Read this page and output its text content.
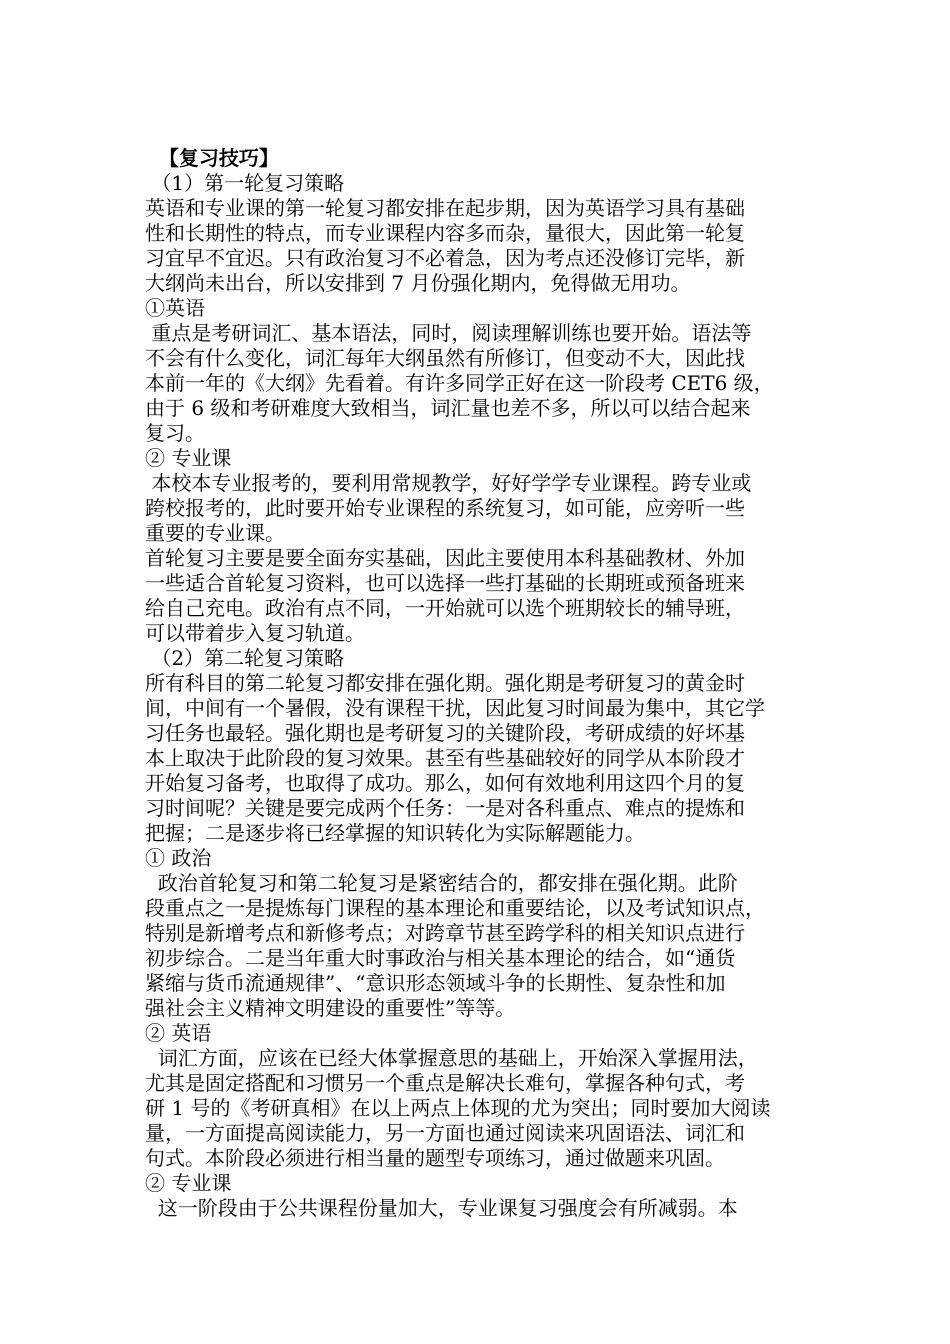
【复习技巧】
（1）第一轮复习策略
英语和专业课的第一轮复习都安排在起步期，因为英语学习具有基础
性和长期性的特点，而专业课程内容多而杂，量很大，因此第一轮复
习宜早不宜迟。只有政治复习不必着急，因为考点还没修订完毕，新
大纲尚未出台，所以安排到 7 月份强化期内，免得做无用功。
①英语
重点是考研词汇、基本语法，同时，阅读理解训练也要开始。语法等
不会有什么变化，词汇每年大纲虽然有所修订，但变动不大，因此找
本前一年的《大纲》先看着。有许多同学正好在这一阶段考 CET6 级，
由于 6 级和考研难度大致相当，词汇量也差不多，所以可以结合起来
复习。
② 专业课
本校本专业报考的，要利用常规教学，好好学学专业课程。跨专业或
跨校报考的，此时要开始专业课程的系统复习，如可能，应旁听一些
重要的专业课。
首轮复习主要是要全面夯实基础，因此主要使用本科基础教材、外加
一些适合首轮复习资料，也可以选择一些打基础的长期班或预备班来
给自己充电。政治有点不同，一开始就可以选个班期较长的辅导班，
可以带着步入复习轨道。
（2）第二轮复习策略
所有科目的第二轮复习都安排在强化期。强化期是考研复习的黄金时
间，中间有一个暑假，没有课程干扰，因此复习时间最为集中，其它学
习任务也最轻。强化期也是考研复习的关键阶段，考研成绩的好坏基
本上取决于此阶段的复习效果。甚至有些基础较好的同学从本阶段才
开始复习备考，也取得了成功。那么，如何有效地利用这四个月的复
习时间呢？关键是要完成两个任务：一是对各科重点、难点的提炼和
把握；二是逐步将已经掌握的知识转化为实际解题能力。
① 政治
政治首轮复习和第二轮复习是紧密结合的，都安排在强化期。此阶
段重点之一是提炼每门课程的基本理论和重要结论，以及考试知识点，
特别是新增考点和新修考点；对跨章节甚至跨学科的相关知识点进行
初步综合。二是当年重大时事政治与相关基本理论的结合，如“通货
紧缩与货币流通规律”、“意识形态领域斗争的长期性、复杂性和加
强社会主义精神文明建设的重要性”等等。
② 英语
词汇方面，应该在已经大体掌握意思的基础上，开始深入掌握用法，
尤其是固定搭配和习惯另一个重点是解决长难句，掌握各种句式，考
研 1 号的《考研真相》在以上两点上体现的尤为突出；同时要加大阅读
量，一方面提高阅读能力，另一方面也通过阅读来巩固语法、词汇和
句式。本阶段必须进行相当量的题型专项练习，通过做题来巩固。
② 专业课
这一阶段由于公共课程份量加大，专业课复习强度会有所减弱。本
